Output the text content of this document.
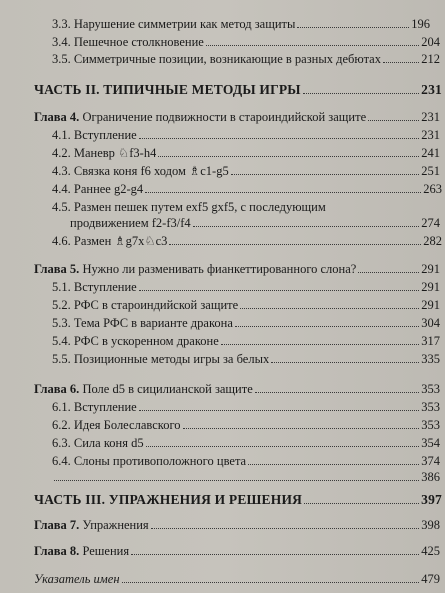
3.3. Нарушение симметрии как метод защиты	196
3.4. Пешечное столкновение	204
3.5. Симметричные позиции, возникающие в разных дебютах	212
ЧАСТЬ II. ТИПИЧНЫЕ МЕТОДЫ ИГРЫ	231
Глава 4. Ограничение подвижности в староиндийской защите	231
4.1. Вступление	231
4.2. Маневр ♘f3-h4	241
4.3. Связка коня f6 ходом ♗c1-g5	251
4.4. Раннее g2-g4	263
4.5. Размен пешек путем exf5 gxf5, с последующим
продвижением f2-f3/f4	274
4.6. Размен ♗g7x♘c3	282
Глава 5. Нужно ли разменивать фианкеттированного слона?	291
5.1. Вступление	291
5.2. РФС в староиндийской защите	291
5.3. Тема РФС в варианте дракона	304
5.4. РФС в ускоренном драконе	317
5.5. Позиционные методы игры за белых	335
Глава 6. Поле d5 в сицилианской защите	353
6.1. Вступление	353
6.2. Идея Болеславского	353
6.3. Сила коня d5	354
6.4. Слоны противоположного цвета	374
386
ЧАСТЬ III. УПРАЖНЕНИЯ И РЕШЕНИЯ	397
Глава 7. Упражнения	398
Глава 8. Решения	425
Указатель имен	479
